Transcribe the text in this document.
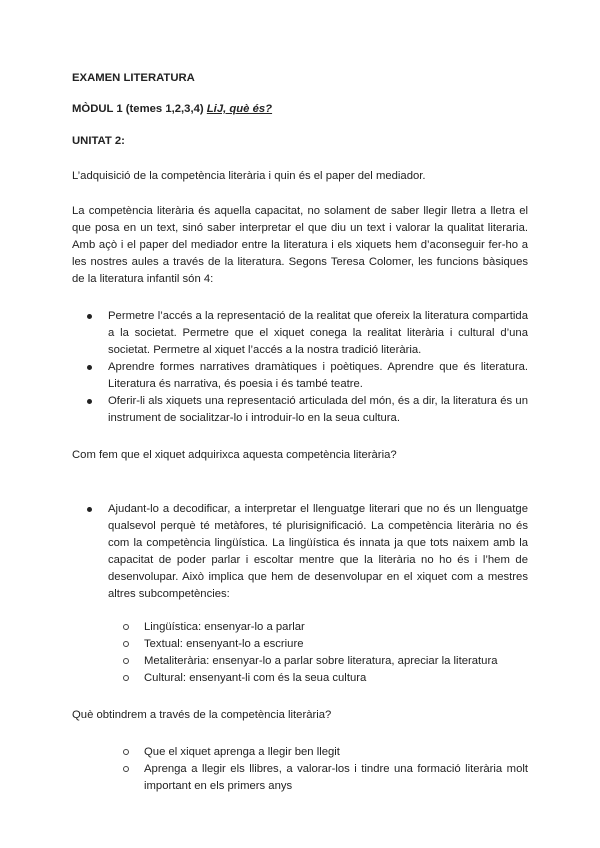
EXAMEN LITERATURA

MÒDUL 1 (temes 1,2,3,4) LiJ, què és?

UNITAT 2:

L’adquisició de la competència literària i quin és el paper del mediador.

La competència literària és aquella capacitat, no solament de saber llegir lletra a lletra el que posa en un text, sinó saber interpretar el que diu un text i valorar la qualitat literaria. Amb açò i el paper del mediador entre la literatura i els xiquets hem d’aconseguir fer-ho a les nostres aules a través de la literatura. Segons Teresa Colomer, les funcions bàsiques de la literatura infantil són 4:

Permetre l’accés a la representació de la realitat que ofereix la literatura compartida a la societat. Permetre que el xiquet conega la realitat literària i cultural d’una societat. Permetre al xiquet l’accés a la nostra tradició literària.
Aprendre formes narratives dramàtiques i poètiques. Aprendre que és literatura. Literatura és narrativa, és poesia i és també teatre.
Oferir-li als xiquets una representació articulada del món, és a dir, la literatura és un instrument de socialitzar-lo i introduir-lo en la seua cultura.

Com fem que el xiquet adquirixca aquesta competència literària?

Ajudant-lo a decodificar, a interpretar el llenguatge literari que no és un llenguatge qualsevol perquè té metàfores, té plurisignificació. La competència literària no és com la competència lingüística. La lingüística és innata ja que tots naixem amb la capacitat de poder parlar i escoltar mentre que la literària no ho és i l’hem de desenvolupar. Això implica que hem de desenvolupar en el xiquet com a mestres altres subcompetències:
Lingüística: ensenyar-lo a parlar
Textual: ensenyant-lo a escriure
Metaliterària: ensenyar-lo a parlar sobre literatura, apreciar la literatura
Cultural: ensenyant-li com és la seua cultura

Què obtindrem a través de la competència literària?

Que el xiquet aprenga a llegir ben llegit
Aprenga a llegir els llibres, a valorar-los i tindre una formació literària molt important en els primers anys
